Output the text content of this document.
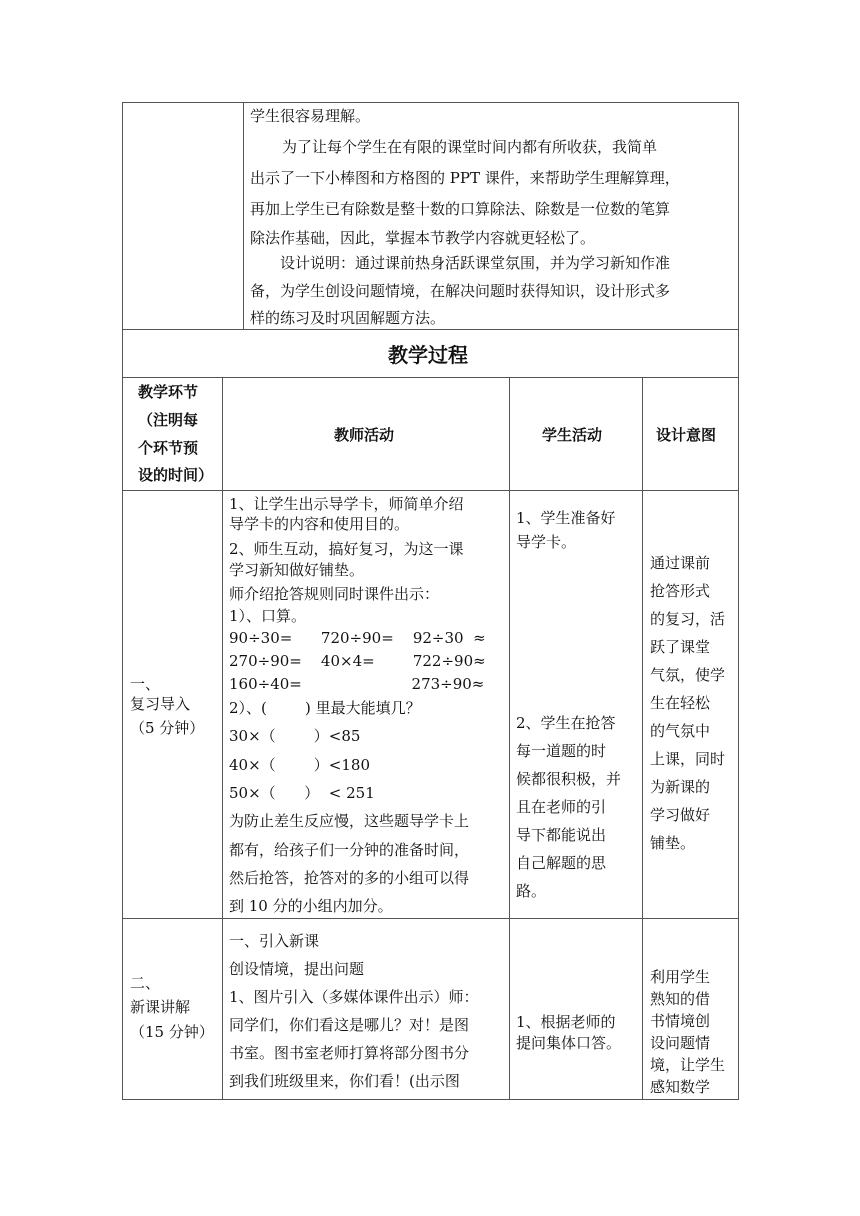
学生很容易理解。
为了让每个学生在有限的课堂时间内都有所收获，我简单
出示了一下小棒图和方格图的 PPT 课件，来帮助学生理解算理，
再加上学生已有除数是整十数的口算除法、除数是一位数的笔算
除法作基础，因此，掌握本节教学内容就更轻松了。
设计说明：通过课前热身活跃课堂氛围，并为学习新知作准
备，为学生创设问题情境，在解决问题时获得知识，设计形式多
样的练习及时巩固解题方法。
教学过程
教学环节
（注明每
个环节预
设的时间）
教师活动	学生活动	设计意图
一、
复习导入
（5 分钟）
1、让学生出示导学卡，师简单介绍
导学卡的内容和使用目的。
2、师生互动，搞好复习，为这一课
学习新知做好铺垫。
师介绍抢答规则同时课件出示：
1）、口算。
90÷30=      720÷90=    92÷30  ≈
270÷90=    40×4=        722÷90≈
160÷40=                       273÷90≈
2）、(        ) 里最大能填几？
30×（        ）<85
40×（        ）<180
50×（      ）  < 251
为防止差生反应慢，这些题导学卡上
都有，给孩子们一分钟的准备时间，
然后抢答，抢答对的多的小组可以得
到 10 分的小组内加分。
1、学生准备好
导学卡。
2、学生在抢答
每一道题的时
候都很积极，并
且在老师的引
导下都能说出
自己解题的思
路。
通过课前
抢答形式
的复习，活
跃了课堂
气氛，使学
生在轻松
的气氛中
上课，同时
为新课的
学习做好
铺垫。
二、
新课讲解
（15 分钟）
一、引入新课
创设情境，提出问题
1、图片引入（多媒体课件出示）师：
同学们，你们看这是哪儿？对！是图
书室。图书室老师打算将部分图书分
到我们班级里来，你们看！(出示图
1、根据老师的
提问集体口答。
利用学生
熟知的借
书情境创
设问题情
境，让学生
感知数学
